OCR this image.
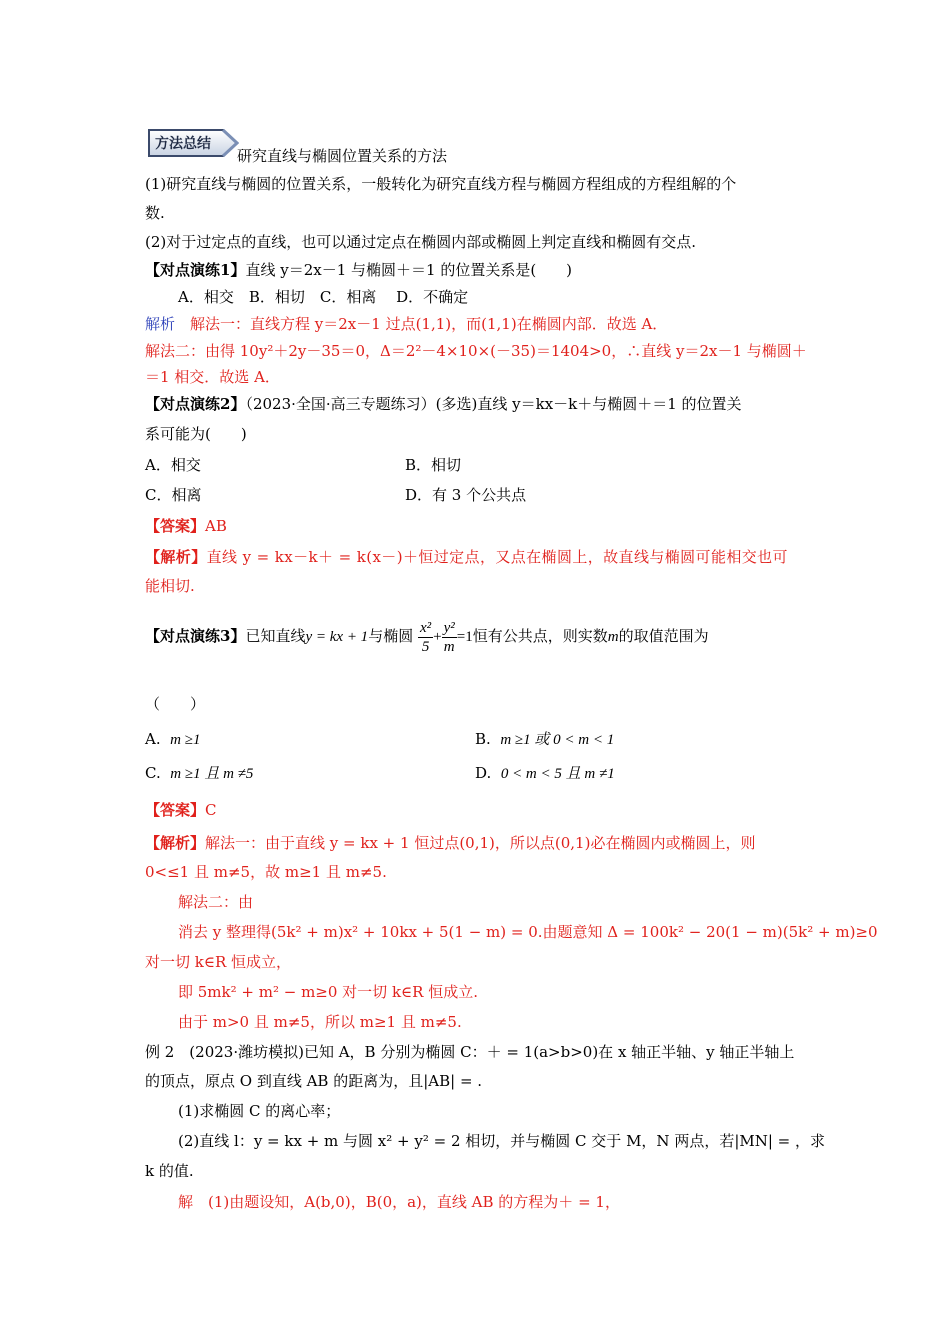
方法总结
研究直线与椭圆位置关系的方法
(1)研究直线与椭圆的位置关系，一般转化为研究直线方程与椭圆方程组成的方程组解的个
数.
(2)对于过定点的直线，也可以通过定点在椭圆内部或椭圆上判定直线和椭圆有交点.
【对点演练1】直线 y＝2x－1 与椭圆＋＝1 的位置关系是(　　)
A．相交　B．相切　C．相离　 D．不确定
解析　解法一：直线方程 y＝2x－1 过点(1,1)，而(1,1)在椭圆内部．故选 A．
解法二：由得 10y²＋2y－35＝0，Δ＝2²－4×10×(－35)＝1404>0，∴直线 y＝2x－1 与椭圆＋
＝1 相交．故选 A．
【对点演练2】（2023·全国·高三专题练习）(多选)直线 y＝kx－k＋与椭圆＋＝1 的位置关
系可能为(　　)
A．相交	B．相切
C．相离	D．有 3 个公共点
【答案】AB
【解析】直线 y = kx－k＋ = k(x－)＋恒过定点，又点在椭圆上，故直线与椭圆可能相交也可
能相切.
【对点演练3】已知直线y = kx + 1与椭圆 $\frac{\text{x²}}{5} + \frac{\text{y²}}{m} =1$恒有公共点，则实数m的取值范围为
（　　）
A. m ≥1	B. m ≥1 或 0 < m < 1
C. m ≥1 且 m ≠5	D. 0 < m < 5 且 m ≠1
【答案】C
【解析】解法一：由于直线 y = kx + 1 恒过点(0,1)，所以点(0,1)必在椭圆内或椭圆上，则
0<≤1 且 m≠5，故 m≥1 且 m≠5.
解法二：由
消去 y 整理得(5k² + m)x² + 10kx + 5(1 − m) = 0.由题意知 Δ = 100k² − 20(1 − m)(5k² + m)≥0
对一切 k∈R 恒成立，
即 5mk² + m² − m≥0 对一切 k∈R 恒成立.
由于 m>0 且 m≠5，所以 m≥1 且 m≠5.
例 2　(2023·潍坊模拟)已知 A，B 分别为椭圆 C：＋ = 1(a>b>0)在 x 轴正半轴、y 轴正半轴上
的顶点，原点 O 到直线 AB 的距离为，且|AB| = .
(1)求椭圆 C 的离心率；
(2)直线 l：y = kx + m 与圆 x² + y² = 2 相切，并与椭圆 C 交于 M，N 两点，若|MN| = ，求
k 的值.
解　(1)由题设知，A(b,0)，B(0，a)，直线 AB 的方程为＋ = 1，
